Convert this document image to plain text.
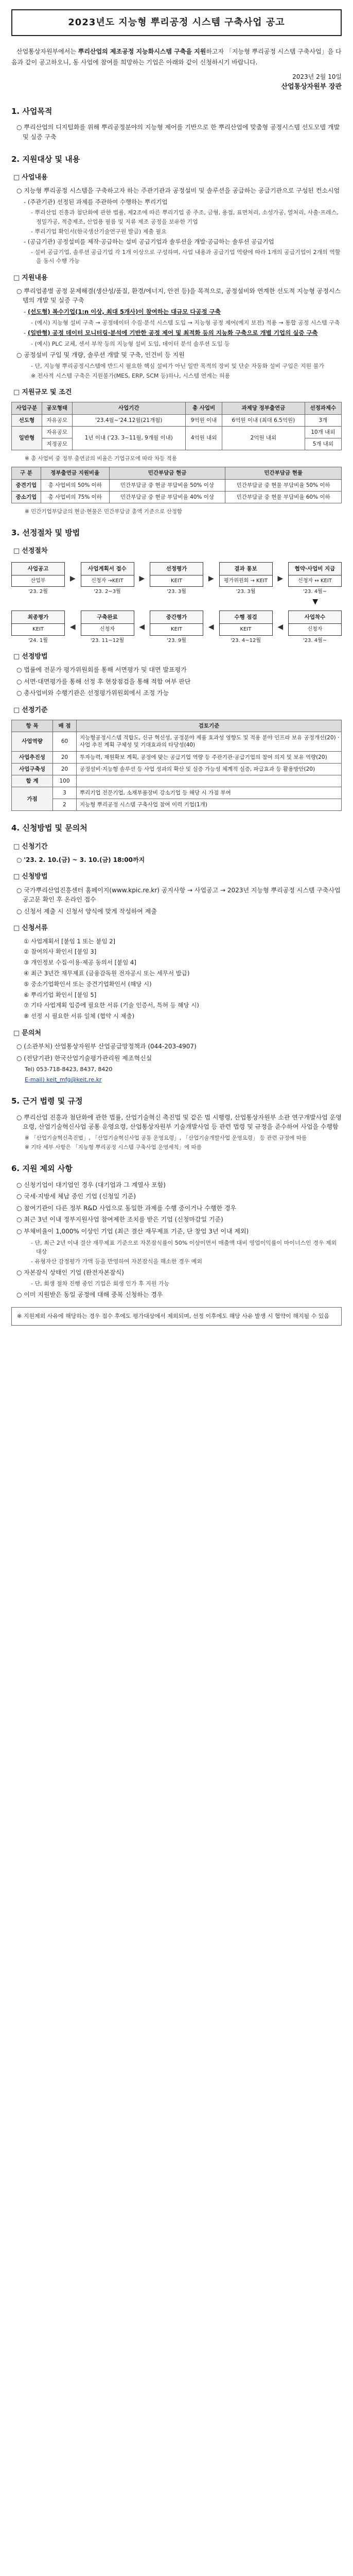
2023년도 지능형 뿌리공정 시스템 구축사업 공고

산업통상자원부에서는 뿌리산업의 제조공정 지능화시스템 구축을 지원하고자 「지능형 뿌리공정 시스템 구축사업」을 다음과 같이 공고하오니, 동 사업에 참여를 희망하는 기업은 아래와 같이 신청하시기 바랍니다.

2023년 2월 10일
산업통상자원부 장관
1. 사업목적
○ 뿌리산업의 디지털화를 위해 뿌리공정분야의 지능형 제어를 기반으로 한 뿌리산업에 맞춤형 공정시스템 선도모델 개발 및 실증 구축
2. 지원대상 및 내용
□ 사업내용
○ 지능형 뿌리공정 시스템을 구축하고자 하는 주관기관과 공정설비 및 솔루션을 공급하는 공급기관으로 구성된 컨소시엄
- (주관기관) 선정된 과제를 주관하여 수행하는 뿌리기업
- 뿌리산업 진흥과 첨단화에 관한 법률, 제2조에 따른 뿌리기업 중 주조, 금형, 용접, 표면처리, 소성가공, 열처리, 사출·프레스, 정밀가공, 적층제조, 산업용 필름 및 지류 제조 공정을 보유한 기업
- 뿌리기업 확인서(한국생산기술연구원 발급) 제출 필요
- (공급기관) 공정설비를 제작·공급하는 설비 공급기업과 솔루션을 개발·공급하는 솔루션 공급기업
- 설비 공급기업, 솔루션 공급기업 각 1개 이상으로 구성하며, 사업 내용과 공급기업 역량에 따라 1개의 공급기업이 2개의 역할을 동시 수행 가능
□ 지원내용
○ 뿌리업종별 공정 문제해결(생산성/품질, 환경/에너지, 안전 등)을 목적으로, 공정설비와 연계한 선도적 지능형 공정시스템의 개발 및 실증 구축
- (선도형) 복수기업(1:n 이상, 최대 5개사)이 참여하는 대규모 다공정 구축
- (예시) 지능형 설비 구축 → 공정데이터 수집·분석 시스템 도입 → 지능형 공정 제어(예지 보전) 적용 → 통합 공정 시스템 구축
- (일반형) 공정 데이터 모니터링·분석에 기반한 공정 제어 및 최적화 등의 지능화 구축으로 개별 기업의 실증 구축
- (예시) PLC 교체, 센서 부착 등의 지능형 설비 도입, 데이터 분석 솔루션 도입 등
○ 공정설비 구입 및 개량, 솔루션 개발 및 구축, 인건비 등 지원
- 단, 지능형 뿌리공정시스템에 반드시 필요한 핵심 설비가 아닌 일반 목적의 장비 및 단순 자동화 설비 구입은 지원 불가
※ 전사적 시스템 구축은 지원불가(MES, ERP, SCM 등)하나, 시스템 연계는 허용
□ 지원규모 및 조건
사업구분	공모형태	사업기간	총 사업비	과제당 정부출연금	선정과제수
선도형	자유공모	'23.4월~'24.12월(21개월)	9억원 이내	6억원 이내 (최대 6.5억원)	3개
일반형	자유공모	1년 이내 ('23. 3~11월, 9개월 이내)	4억원 내외	2억원 내외	10개 내외
	지정공모				5개 내외
※ 총 사업비 중 정부 출연금의 비율은 기업규모에 따라 차등 적용
구 분	정부출연금 지원비율	민간부담금 현금	민간부담금 현물
중견기업	총 사업비의 50% 이하	민간부담금 중 현금 부담비율 50% 이상	민간부담금 중 현물 부담비율 50% 이하
중소기업	총 사업비의 75% 이하	민간부담금 중 현금 부담비율 40% 이상	민간부담금 중 현물 부담비율 60% 이하
※ 민간기업부담금의 현금·현물은 민간부담금 총액 기준으로 산정함
3. 선정절차 및 방법
□ 선정절차
사업공고
산업부
'23. 2월
▶
사업계획서 접수
신청자 →KEIT
'23. 2~3월
▶
선정평가
KEIT
'23. 3월
▶
결과 통보
평가위원회 → KEIT
'23. 3월
▶
협약·사업비 지급
신청자 ↔ KEIT
'23. 4월~
▼
최종평가
KEIT
'24. 1월
◀
구축완료
신청자
'23. 11~12월
◀
중간평가
KEIT
'23. 9월
◀
수행 점검
KEIT
'23. 4~12월
◀
사업착수
신청자
'23. 4월~
□ 선정방법
○ 법률에 전문가 평가위원회를 통해 서면평가 및 대면 발표평가
○ 서면·대면평가를 통해 선정 후 현장점검을 통해 적합 여부 판단
○ 총사업비와 수행기관은 선정평가위원회에서 조정 가능
□ 선정기준
항 목	배 점	검토기준
사업역량	60	지능형공정시스템 적합도, 신규 혁신성, 공정분야 제품 효과성 영향도 및 적용 분야 인프라 보유 공정개선(20) · 사업 추진 계획 구체성 및 기대효과의 타당성(40)
사업추진성	20	투자능력, 재원확보 계획, 공정에 맞는 공급기업 역량 등 주관기관·공급기업의 참여 의지 및 보유 역량(20)
사업구축성	20	공정설비·지능형 솔루션 등 사업 성과의 확산 및 실증 가능성 체계적 실증, 파급효과 등 활용방안(20)
합 계	100	
가점	3	뿌리기업 전문기업, 소재부품장비 강소기업 등 해당 시 가점 부여
	2	지능형 뿌리공정 시스템 구축사업 참여 이력 기업(1개)
4. 신청방법 및 문의처
□ 신청기간
○ '23. 2. 10.(금) ~ 3. 10.(금) 18:00까지
□ 신청방법
○ 국가뿌리산업진흥센터 홈페이지(www.kpic.re.kr) 공지사항 → 사업공고 → 2023년 지능형 뿌리공정 시스템 구축사업 공고문 확인 후 온라인 접수
○ 신청서 제출 시 신청서 양식에 맞게 작성하여 제출
□ 신청서류
① 사업계획서 [붙임 1 또는 붙임 2]
② 참여의사 확인서 [붙임 3]
③ 개인정보 수집·이용·제공 동의서 [붙임 4]
④ 최근 3년간 재무제표 (금융감독원 전자공시 또는 세무서 발급)
⑤ 중소기업확인서 또는 중견기업확인서 (해당 시)
⑥ 뿌리기업 확인서 [붙임 5]
⑦ 기타 사업계획 입증에 필요한 서류 (기술 인증서, 특허 등 해당 시)
⑧ 선정 시 필요한 서류 일체 (협약 시 제출)
□ 문의처
○ (소관부처) 산업통상자원부 산업공급망정책과 (044-203-4907)
○ (전담기관) 한국산업기술평가관리원 제조혁신실
Tel) 053-718-8423, 8437, 8420
E-mail) keit_mfg@keit.re.kr
5. 근거 법령 및 규정
○ 뿌리산업 진흥과 첨단화에 관한 법률, 산업기술혁신 촉진법 및 같은 법 시행령, 산업통상자원부 소관 연구개발사업 운영요령, 산업기술혁신사업 공통 운영요령, 산업통상자원부 기술개발사업 등 관련 법령 및 규정을 준수하여 사업을 수행함
※ 「산업기술혁신촉진법」, 「산업기술혁신사업 공통 운영요령」, 「산업기술개발사업 운영요령」 등 관련 규정에 따름
※ 기타 세부 사항은 「지능형 뿌리공정 시스템 구축사업 운영세칙」에 따름
6. 지원 제외 사항
○ 신청기업이 대기업인 경우 (대기업과 그 계열사 포함)
○ 국세·지방세 체납 중인 기업 (신청일 기준)
○ 참여기관이 다른 정부 R&D 사업으로 동일한 과제를 수행 중이거나 수행한 경우
○ 최근 3년 이내 정부지원사업 참여제한 조치를 받은 기업 (신청마감일 기준)
○ 부채비율이 1,000% 이상인 기업 (최근 결산 재무제표 기준, 단 창업 3년 이내 제외)
- 단, 최근 2년 이내 결산 재무제표 기준으로 자본잠식률이 50% 이상이면서 매출액 대비 영업이익률이 마이너스인 경우 제외 대상
- 유형자산 감정평가 가액 등을 반영하여 자본잠식을 해소한 경우 예외
○ 자본잠식 상태인 기업 (완전자본잠식)
- 단, 회생 절차 진행 중인 기업은 회생 인가 후 지원 가능
○ 이미 지원받은 동일 공정에 대해 중복 신청하는 경우
※ 지원제외 사유에 해당하는 경우 접수 후에도 평가대상에서 제외되며, 선정 이후에도 해당 사유 발생 시 협약이 해지될 수 있음
